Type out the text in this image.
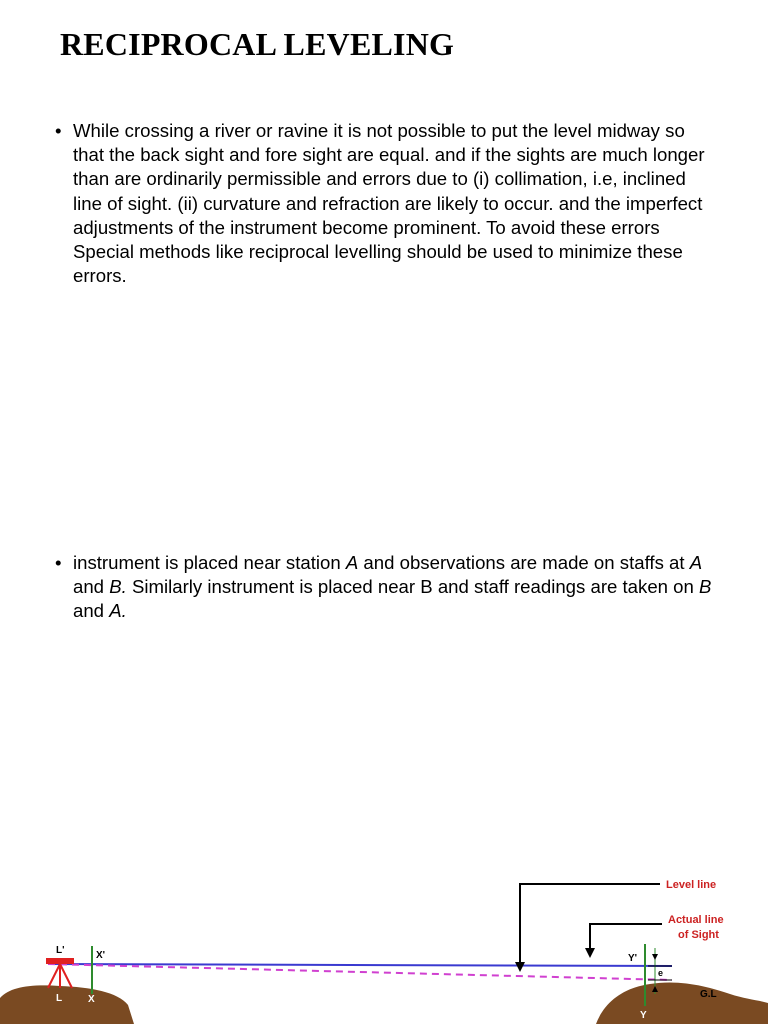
RECIPROCAL LEVELING
• While crossing a river or ravine it is not possible to put the level midway so that the back sight and fore sight are equal. and if the sights are much longer than are ordinarily permissible and errors due to (i) collimation, i.e, inclined line of sight. (ii) curvature and refraction are likely to occur. and the imperfect adjustments of the instrument become prominent. To avoid these errors Special methods like reciprocal levelling should be used to minimize these errors.
• instrument is placed near station A and observations are made on staffs at A and B. Similarly instrument is placed near B and staff readings are taken on B and A.
Level line
Actual line
of Sight
G.L
L'
L
X'
X
Y'
Y
e
